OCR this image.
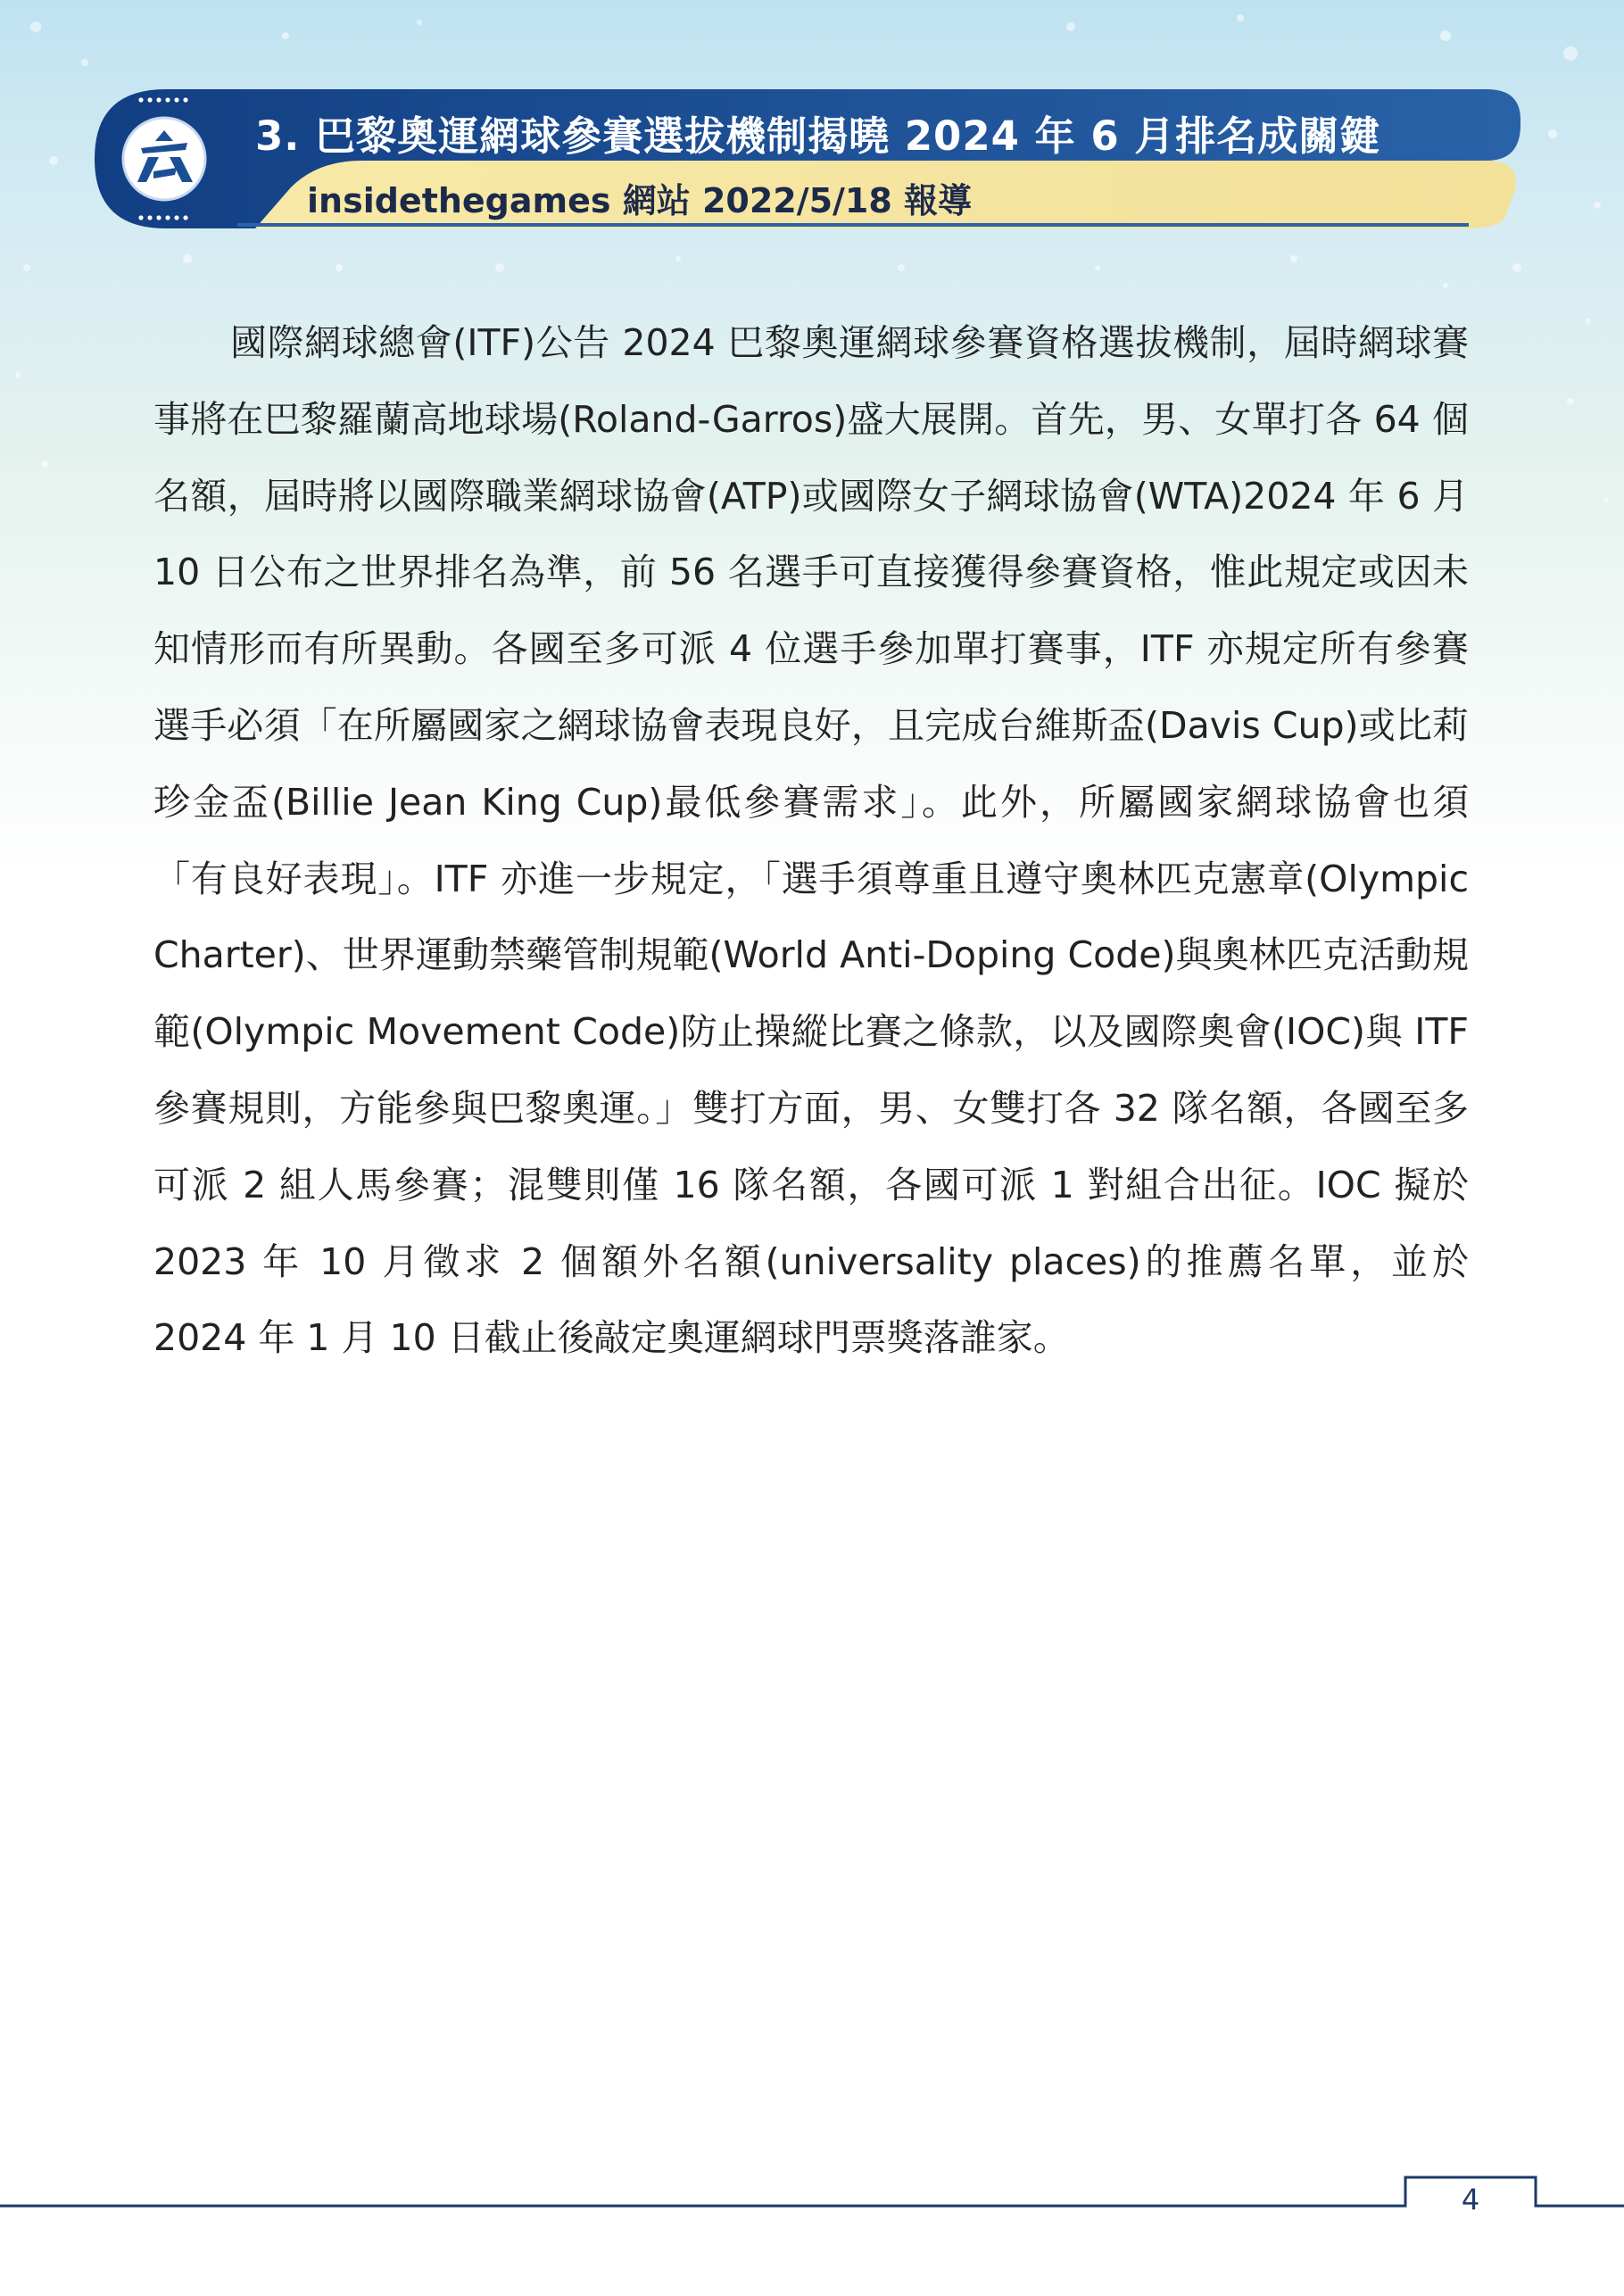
3. 巴黎奧運網球參賽選拔機制揭曉 2024 年 6 月排名成關鍵
insidethegames 網站 2022/5/18 報導

國際網球總會(ITF)公告 2024 巴黎奧運網球參賽資格選拔機制，屆時網球賽事將在巴黎羅蘭高地球場(Roland-Garros)盛大展開。首先，男、女單打各 64 個名額，屆時將以國際職業網球協會(ATP)或國際女子網球協會(WTA)2024 年 6 月 10 日公布之世界排名為準，前 56 名選手可直接獲得參賽資格，惟此規定或因未知情形而有所異動。各國至多可派 4 位選手參加單打賽事，ITF 亦規定所有參賽選手必須「在所屬國家之網球協會表現良好，且完成台維斯盃(Davis Cup)或比莉珍金盃(Billie Jean King Cup)最低參賽需求」。此外，所屬國家網球協會也須「有良好表現」。ITF 亦進一步規定，「選手須尊重且遵守奧林匹克憲章(Olympic Charter)、世界運動禁藥管制規範(World Anti-Doping Code)與奧林匹克活動規範(Olympic Movement Code)防止操縱比賽之條款，以及國際奧會(IOC)與 ITF 參賽規則，方能參與巴黎奧運。」雙打方面，男、女雙打各 32 隊名額，各國至多可派 2 組人馬參賽；混雙則僅 16 隊名額，各國可派 1 對組合出征。IOC 擬於 2023 年 10 月徵求 2 個額外名額(universality places)的推薦名單，並於 2024 年 1 月 10 日截止後敲定奧運網球門票獎落誰家。

4
